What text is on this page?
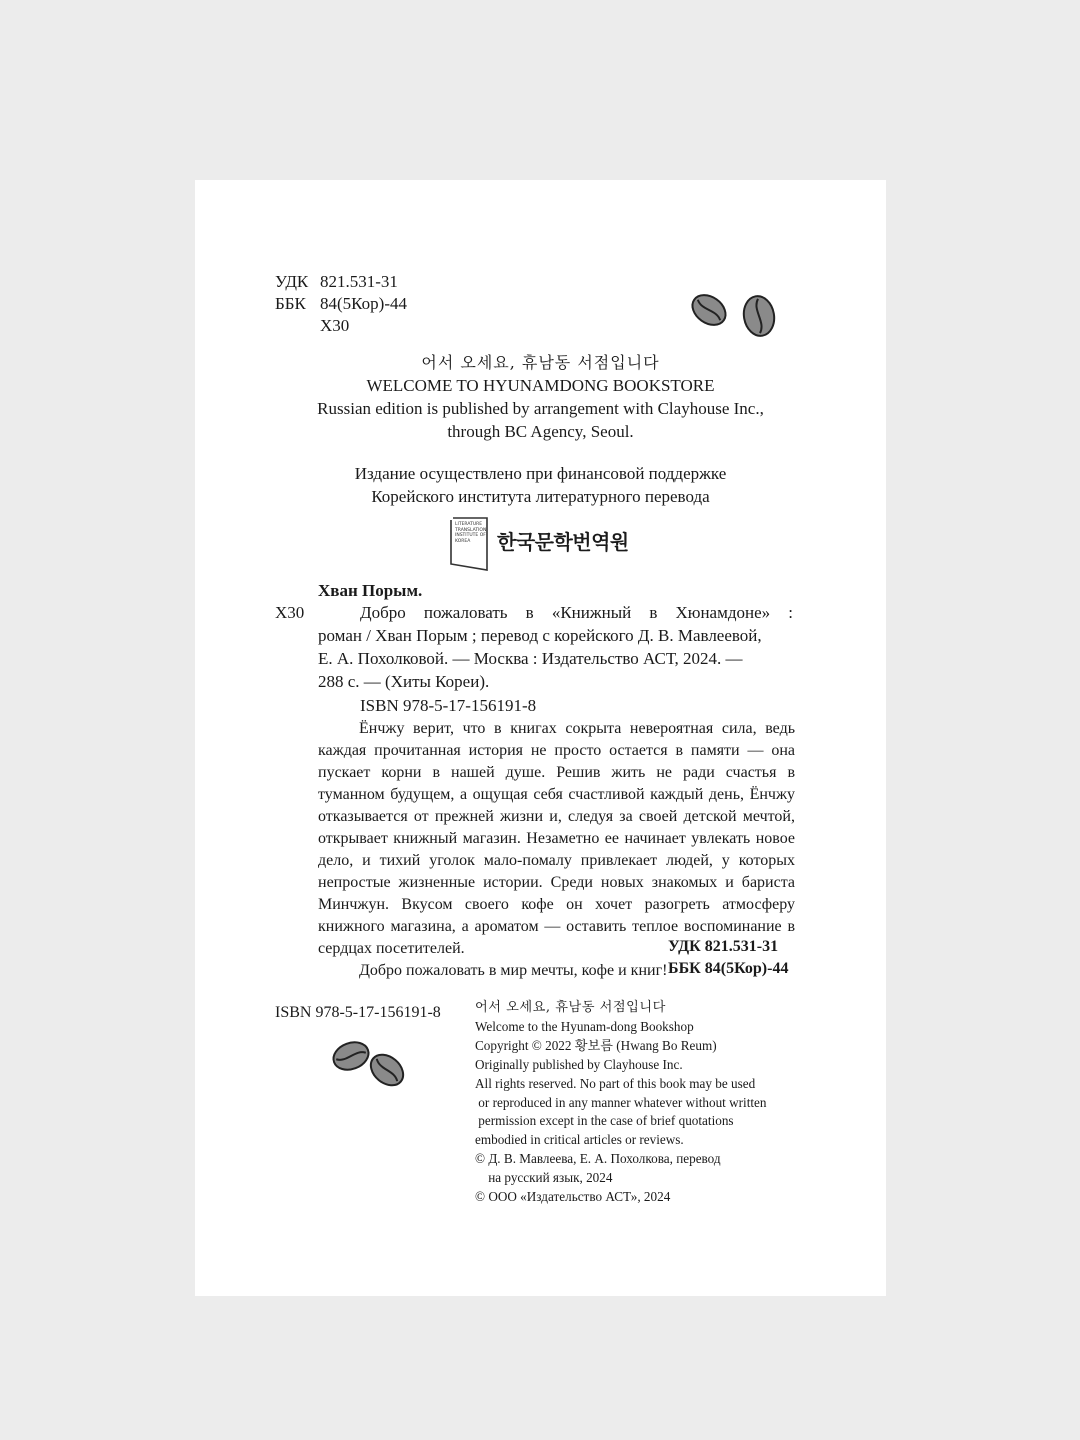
УДК 821.531-31
ББК 84(5Кор)-44
Х30
어서 오세요, 휴남동 서점입니다
WELCOME TO HYUNAMDONG BOOKSTORE
Russian edition is published by arrangement with Clayhouse Inc.,
through BC Agency, Seoul.
Издание осуществлено при финансовой поддержке
Корейского института литературного перевода
LITERATURE
TRANSLATION
INSTITUTE OF
KOREA	한국문학번역원
Хван Порым.
Х30	Добро пожаловать в «Книжный в Хюнамдоне» :

роман / Хван Порым ; перевод с корейского Д. В. Мавлеевой,

Е. А. Похолковой. — Москва : Издательство АСТ, 2024. —

288 с. — (Хиты Кореи).

ISBN 978-5-17-156191-8

Ёнчжу верит, что в книгах сокрыта невероятная сила, ведь каждая прочитанная история не просто остается в памяти — она пускает корни в нашей душе. Решив жить не ради счастья в туманном будущем, а ощущая себя счастливой каждый день, Ёнчжу отказывается от прежней жизни и, следуя за своей детской мечтой, открывает книжный магазин. Незаметно ее начинает увлекать новое дело, и тихий уголок мало-помалу привлекает людей, у которых непростые жизненные истории. Среди новых знакомых и бариста Минчжун. Вкусом своего кофе он хочет разогреть атмосферу книжного магазина, а ароматом — оставить теплое воспоминание в сердцах посетителей.

Добро пожаловать в мир мечты, кофе и книг!

УДК 821.531-31
ББК 84(5Кор)-44
ISBN 978-5-17-156191-8	어서 오세요, 휴남동 서점입니다
Welcome to the Hyunam-dong Bookshop
Copyright © 2022 황보름 (Hwang Bo Reum)
Originally published by Clayhouse Inc.
All rights reserved. No part of this book may be used
or reproduced in any manner whatever without written
permission except in the case of brief quotations
embodied in critical articles or reviews.
© Д. В. Мавлеева, Е. А. Похолкова, перевод
на русский язык, 2024
© ООО «Издательство АСТ», 2024
